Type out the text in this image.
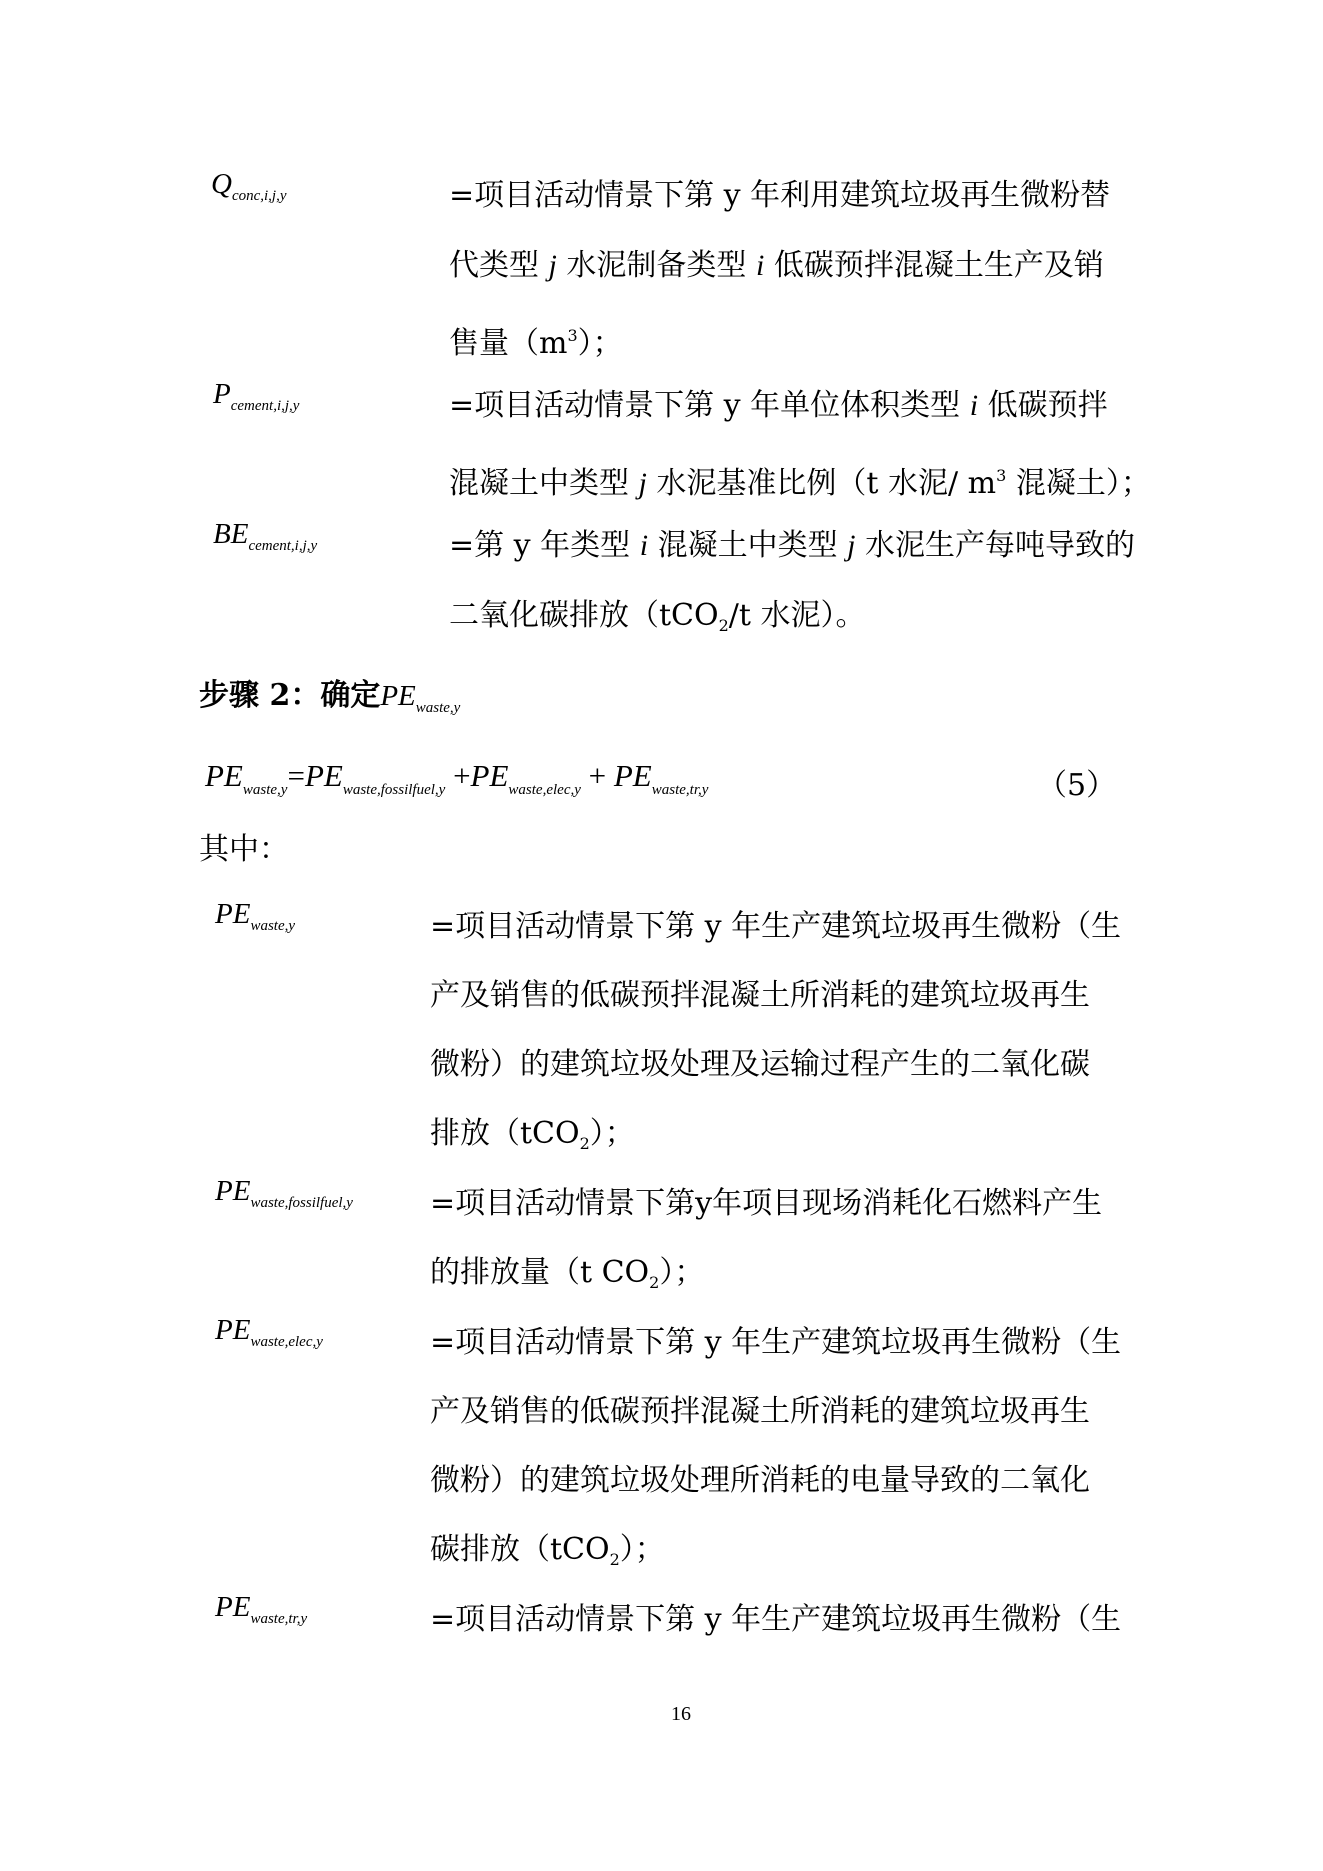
$Q_{conc,i,j,y}$	=项目活动情景下第 y 年利用建筑垃圾再生微粉替
代类型 j 水泥制备类型 i 低碳预拌混凝土生产及销
售量$(m^3)$；
$P_{cement,i,j,y}$	=项目活动情景下第 y 年单位体积类型 i 低碳预拌
混凝土中类型 j 水泥基准比例（t 水泥/ $m^3$ 混凝土）；
$BE_{cement,i,j,y}$	=第 y 年类型 i 混凝土中类型 j 水泥生产每吨导致的
二氧化碳排放（tCO$_2$/t 水泥）。
步骤 2：确定$PE_{waste,y}$
$PE_{waste,y}=PE_{waste,fossilfuel,y} +PE_{waste,elec,y} + PE_{waste,tr,y}$	（5）
其中：
$PE_{waste,y}$	=项目活动情景下第 y 年生产建筑垃圾再生微粉（生
产及销售的低碳预拌混凝土所消耗的建筑垃圾再生
微粉）的建筑垃圾处理及运输过程产生的二氧化碳
排放（tCO$_2$）；
$PE_{waste,fossilfuel,y}$	=项目活动情景下第y年项目现场消耗化石燃料产生
的排放量（t $CO_2$）；
$PE_{waste,elec,y}$	=项目活动情景下第 y 年生产建筑垃圾再生微粉（生
产及销售的低碳预拌混凝土所消耗的建筑垃圾再生
微粉）的建筑垃圾处理所消耗的电量导致的二氧化
碳排放（tCO$_2$）；
$PE_{waste,tr,y}$	=项目活动情景下第 y 年生产建筑垃圾再生微粉（生
16
